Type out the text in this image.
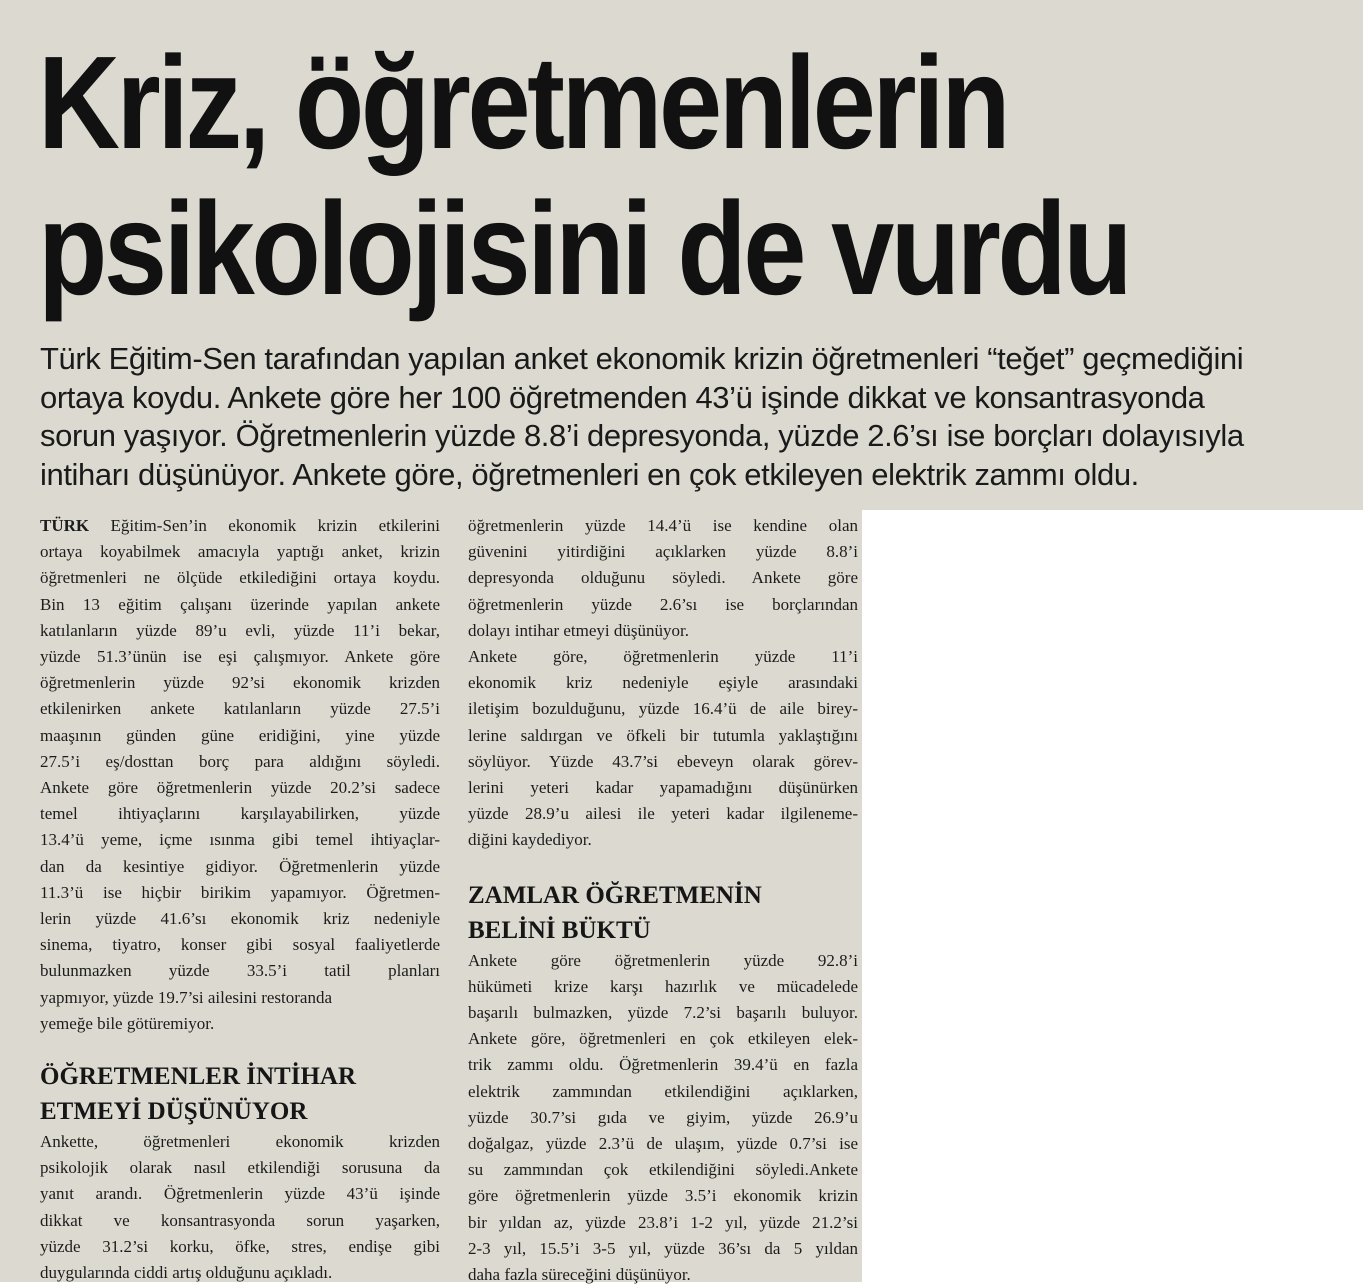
Kriz, öğretmenlerin
psikolojisini de vurdu

Türk Eğitim-Sen tarafından yapılan anket ekonomik krizin öğretmenleri “teğet” geçmediğini
ortaya koydu. Ankete göre her 100 öğretmenden 43’ü işinde dikkat ve konsantrasyonda
sorun yaşıyor. Öğretmenlerin yüzde 8.8’i depresyonda, yüzde 2.6’sı ise borçları dolayısıyla
intiharı düşünüyor. Ankete göre, öğretmenleri en çok etkileyen elektrik zammı oldu.

TÜRK Eğitim-Sen’in ekonomik krizin etkilerini
ortaya koyabilmek amacıyla yaptığı anket, krizin
öğretmenleri ne ölçüde etkilediğini ortaya koydu.
Bin 13 eğitim çalışanı üzerinde yapılan ankete
katılanların yüzde 89’u evli, yüzde 11’i bekar,
yüzde 51.3’ünün ise eşi çalışmıyor. Ankete göre
öğretmenlerin yüzde 92’si ekonomik krizden
etkilenirken ankete katılanların yüzde 27.5’i
maaşının günden güne eridiğini, yine yüzde
27.5’i eş/dosttan borç para aldığını söyledi.
Ankete göre öğretmenlerin yüzde 20.2’si sadece
temel ihtiyaçlarını karşılayabilirken, yüzde
13.4’ü yeme, içme ısınma gibi temel ihtiyaçlar-
dan da kesintiye gidiyor. Öğretmenlerin yüzde
11.3’ü ise hiçbir birikim yapamıyor. Öğretmen-
lerin yüzde 41.6’sı ekonomik kriz nedeniyle
sinema, tiyatro, konser gibi sosyal faaliyetlerde
bulunmazken yüzde 33.5’i tatil planları
yapmıyor, yüzde 19.7’si ailesini restoranda
yemeğe bile götüremiyor.
ÖĞRETMENLER İNTİHAR
ETMEYİ DÜŞÜNÜYOR
Ankette, öğretmenleri ekonomik krizden
psikolojik olarak nasıl etkilendiği sorusuna da
yanıt arandı. Öğretmenlerin yüzde 43’ü işinde
dikkat ve konsantrasyonda sorun yaşarken,
yüzde 31.2’si korku, öfke, stres, endişe gibi
duygularında ciddi artış olduğunu açıkladı.
öğretmenlerin yüzde 14.4’ü ise kendine olan
güvenini yitirdiğini açıklarken yüzde 8.8’i
depresyonda olduğunu söyledi. Ankete göre
öğretmenlerin yüzde 2.6’sı ise borçlarından
dolayı intihar etmeyi düşünüyor.
Ankete göre, öğretmenlerin yüzde 11’i
ekonomik kriz nedeniyle eşiyle arasındaki
iletişim bozulduğunu, yüzde 16.4’ü de aile birey-
lerine saldırgan ve öfkeli bir tutumla yaklaştığını
söylüyor. Yüzde 43.7’si ebeveyn olarak görev-
lerini yeteri kadar yapamadığını düşünürken
yüzde 28.9’u ailesi ile yeteri kadar ilgileneme-
diğini kaydediyor.
ZAMLAR ÖĞRETMENİN
BELİNİ BÜKTÜ
Ankete göre öğretmenlerin yüzde 92.8’i
hükümeti krize karşı hazırlık ve mücadelede
başarılı bulmazken, yüzde 7.2’si başarılı buluyor.
Ankete göre, öğretmenleri en çok etkileyen elek-
trik zammı oldu. Öğretmenlerin 39.4’ü en fazla
elektrik zammından etkilendiğini açıklarken,
yüzde 30.7’si gıda ve giyim, yüzde 26.9’u
doğalgaz, yüzde 2.3’ü de ulaşım, yüzde 0.7’si ise
su zammından çok etkilendiğini söyledi.Ankete
göre öğretmenlerin yüzde 3.5’i ekonomik krizin
bir yıldan az, yüzde 23.8’i 1-2 yıl, yüzde 21.2’si
2-3 yıl, 15.5’i 3-5 yıl, yüzde 36’sı da 5 yıldan
daha fazla süreceğini düşünüyor.
